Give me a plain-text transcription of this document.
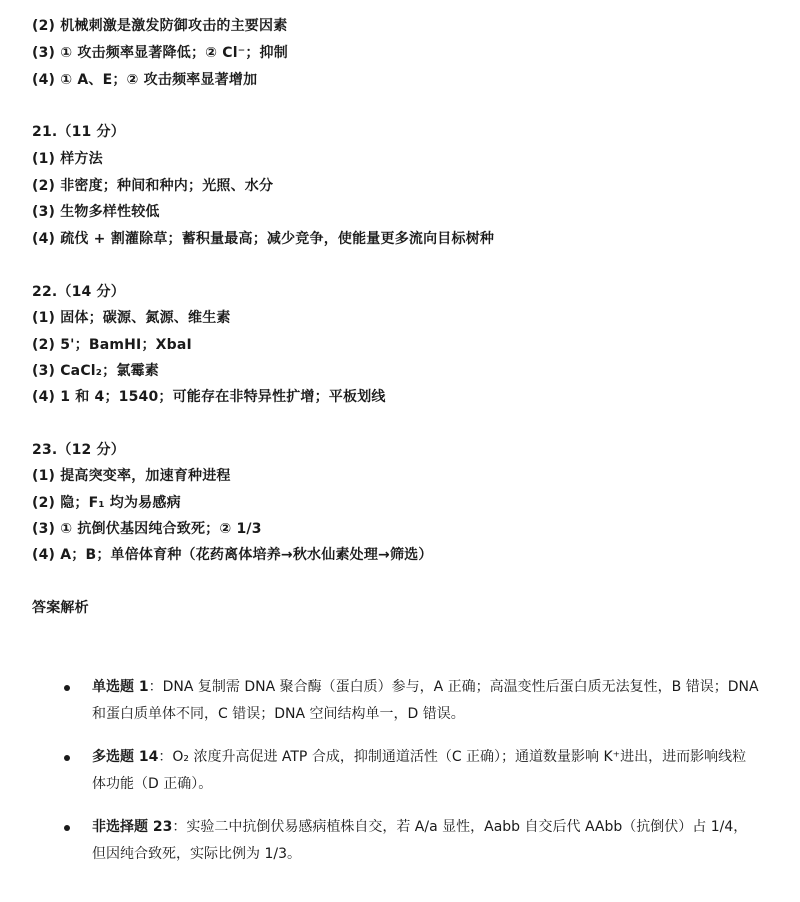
(2) 机械刺激是激发防御攻击的主要因素
(3) ① 攻击频率显著降低；② Cl⁻；抑制
(4) ① A、E；② 攻击频率显著增加
21.（11 分）
(1) 样方法
(2) 非密度；种间和种内；光照、水分
(3) 生物多样性较低
(4) 疏伐 + 割灌除草；蓄积量最高；减少竞争，使能量更多流向目标树种
22.（14 分）
(1) 固体；碳源、氮源、维生素
(2) 5'；BamHI；XbaI
(3) CaCl₂；氯霉素
(4) 1 和 4；1540；可能存在非特异性扩增；平板划线
23.（12 分）
(1) 提高突变率，加速育种进程
(2) 隐；F₁ 均为易感病
(3) ① 抗倒伏基因纯合致死；② 1/3
(4) A；B；单倍体育种（花药离体培养→秋水仙素处理→筛选）
答案解析
单选题 1：DNA 复制需 DNA 聚合酶（蛋白质）参与，A 正确；高温变性后蛋白质无法复性，B 错误；DNA 和蛋白质单体不同，C 错误；DNA 空间结构单一，D 错误。
多选题 14：O₂ 浓度升高促进 ATP 合成，抑制通道活性（C 正确）；通道数量影响 K⁺进出，进而影响线粒体功能（D 正确）。
非选择题 23：实验二中抗倒伏易感病植株自交，若 A/a 显性，Aabb 自交后代 AAbb（抗倒伏）占 1/4，但因纯合致死，实际比例为 1/3。
